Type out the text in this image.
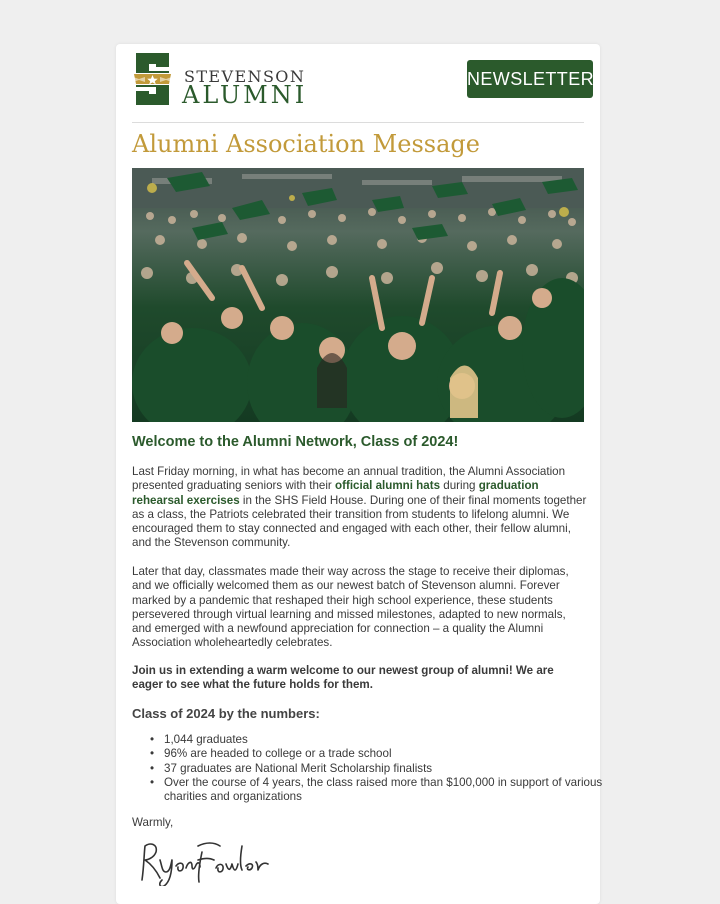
STEVENSON
ALUMNI
NEWSLETTER
Alumni Association Message
Welcome to the Alumni Network, Class of 2024!
Last Friday morning, in what has become an annual tradition, the Alumni Association presented graduating seniors with their official alumni hats during graduation rehearsal exercises in the SHS Field House. During one of their final moments together as a class, the Patriots celebrated their transition from students to lifelong alumni. We encouraged them to stay connected and engaged with each other, their fellow alumni, and the Stevenson community.
Later that day, classmates made their way across the stage to receive their diplomas, and we officially welcomed them as our newest batch of Stevenson alumni. Forever marked by a pandemic that reshaped their high school experience, these students persevered through virtual learning and missed milestones, adapted to new normals, and emerged with a newfound appreciation for connection – a quality the Alumni Association wholeheartedly celebrates.
Join us in extending a warm welcome to our newest group of alumni! We are eager to see what the future holds for them.
Class of 2024 by the numbers:
• 1,044 graduates
• 96% are headed to college or a trade school
• 37 graduates are National Merit Scholarship finalists
• Over the course of 4 years, the class raised more than $100,000 in support of various charities and organizations
Warmly,
